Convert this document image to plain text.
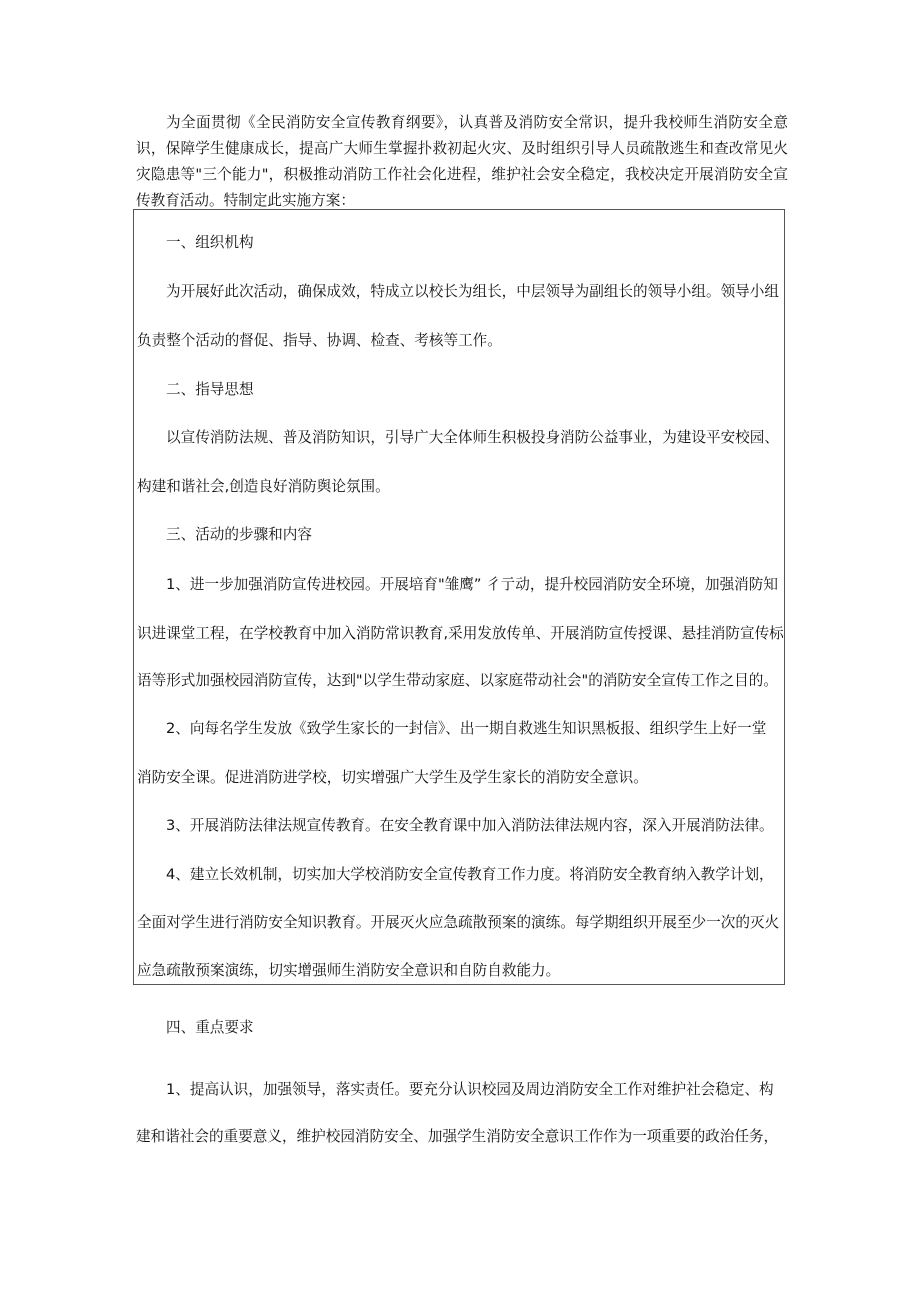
为全面贯彻《全民消防安全宣传教育纲要》，认真普及消防安全常识，提升我校师生消防安全意识，保障学生健康成长，提高广大师生掌握扑救初起火灾、及时组织引导人员疏散逃生和查改常见火灾隐患等"三个能力"，积极推动消防工作社会化进程，维护社会安全稳定，我校决定开展消防安全宣传教育活动。特制定此实施方案：

一、组织机构

为开展好此次活动，确保成效，特成立以校长为组长，中层领导为副组长的领导小组。领导小组

负责整个活动的督促、指导、协调、检查、考核等工作。

二、指导思想

以宣传消防法规、普及消防知识，引导广大全体师生积极投身消防公益事业，为建设平安校园、

构建和谐社会,创造良好消防舆论氛围。

三、活动的步骤和内容

1、进一步加强消防宣传进校园。开展培育"雏鹰” 彳亍动，提升校园消防安全环境，加强消防知

识进课堂工程，在学校教育中加入消防常识教育,采用发放传单、开展消防宣传授课、悬挂消防宣传标

语等形式加强校园消防宣传，达到"以学生带动家庭、以家庭带动社会"的消防安全宣传工作之目的。

2、向每名学生发放《致学生家长的一封信》、出一期自救逃生知识黑板报、组织学生上好一堂

消防安全课。促进消防进学校，切实增强广大学生及学生家长的消防安全意识。

3、开展消防法律法规宣传教育。在安全教育课中加入消防法律法规内容，深入开展消防法律。

4、建立长效机制，切实加大学校消防安全宣传教育工作力度。将消防安全教育纳入教学计划，

全面对学生进行消防安全知识教育。开展灭火应急疏散预案的演练。每学期组织开展至少一次的灭火

应急疏散预案演练，切实增强师生消防安全意识和自防自救能力。

四、重点要求

1、提高认识，加强领导，落实责任。要充分认识校园及周边消防安全工作对维护社会稳定、构

建和谐社会的重要意义，维护校园消防安全、加强学生消防安全意识工作作为一项重要的政治任务，
